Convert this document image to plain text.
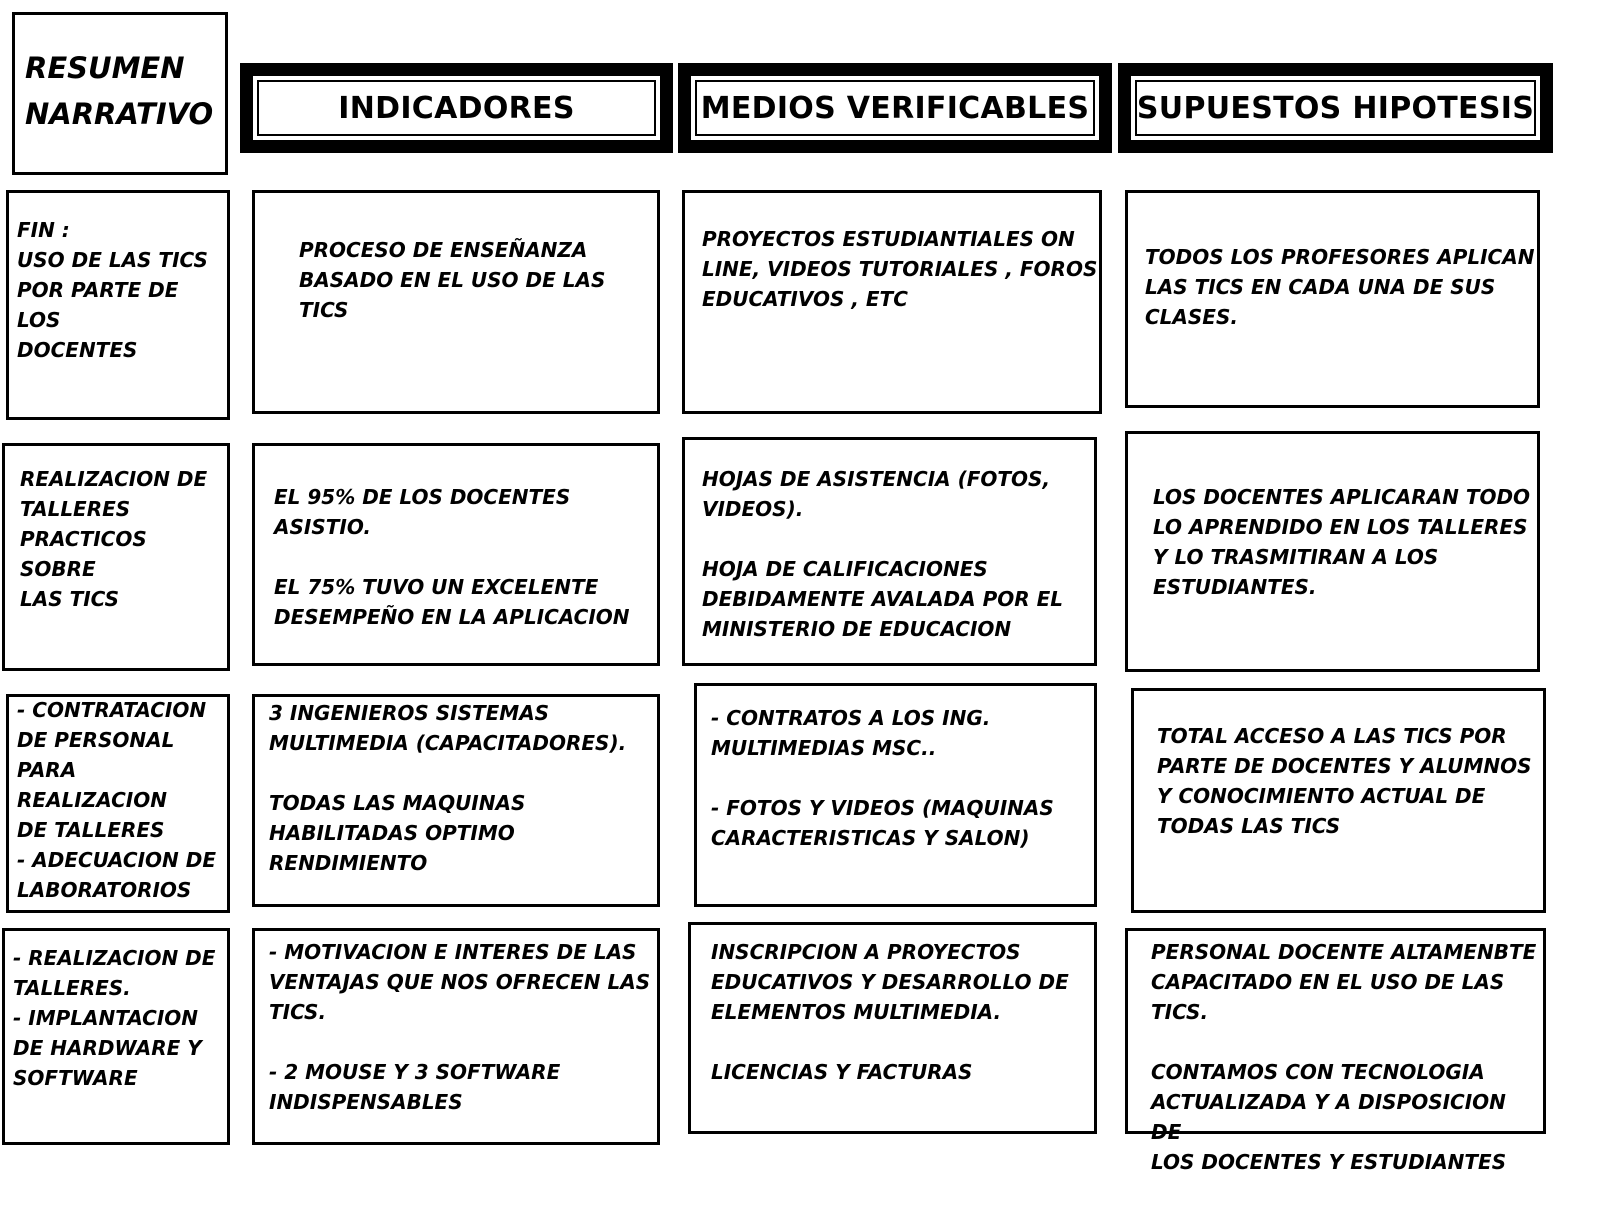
RESUMEN
NARRATIVO	INDICADORES	MEDIOS VERIFICABLES SUPUESTOS HIPOTESIS
FIN :
USO DE LAS TICS
POR PARTE DE LOS
DOCENTES
PROCESO DE ENSEÑANZA
BASADO EN EL USO DE LAS
TICS
PROYECTOS ESTUDIANTIALES ON
LINE, VIDEOS TUTORIALES , FOROS
EDUCATIVOS , ETC
TODOS LOS PROFESORES APLICAN
LAS TICS EN CADA UNA DE SUS
CLASES.
REALIZACION DE
TALLERES
PRACTICOS SOBRE
LAS TICS
EL 95% DE LOS DOCENTES
ASISTIO.

EL 75% TUVO UN EXCELENTE
DESEMPEÑO EN LA APLICACION
HOJAS DE ASISTENCIA (FOTOS,
VIDEOS).

HOJA DE CALIFICACIONES
DEBIDAMENTE AVALADA POR EL
MINISTERIO DE EDUCACION
LOS DOCENTES APLICARAN TODO
LO APRENDIDO EN LOS TALLERES
Y LO TRASMITIRAN A LOS
ESTUDIANTES.
- CONTRATACION
DE PERSONAL
PARA REALIZACION
DE TALLERES
- ADECUACION DE
LABORATORIOS
3 INGENIEROS SISTEMAS
MULTIMEDIA (CAPACITADORES).

TODAS LAS MAQUINAS
HABILITADAS OPTIMO
RENDIMIENTO
- CONTRATOS A LOS ING.
MULTIMEDIAS MSC..

- FOTOS Y VIDEOS (MAQUINAS
CARACTERISTICAS Y SALON)
TOTAL ACCESO A LAS TICS POR
PARTE DE DOCENTES Y ALUMNOS
Y CONOCIMIENTO ACTUAL DE
TODAS LAS TICS
- REALIZACION DE
TALLERES.
- IMPLANTACION
DE HARDWARE Y
SOFTWARE
- MOTIVACION E INTERES DE LAS
VENTAJAS QUE NOS OFRECEN LAS
TICS.

- 2 MOUSE Y 3 SOFTWARE
INDISPENSABLES
INSCRIPCION A PROYECTOS
EDUCATIVOS Y DESARROLLO DE
ELEMENTOS MULTIMEDIA.

LICENCIAS Y FACTURAS
PERSONAL DOCENTE ALTAMENBTE
CAPACITADO EN EL USO DE LAS TICS.

CONTAMOS CON TECNOLOGIA
ACTUALIZADA Y A DISPOSICION DE
LOS DOCENTES Y ESTUDIANTES
